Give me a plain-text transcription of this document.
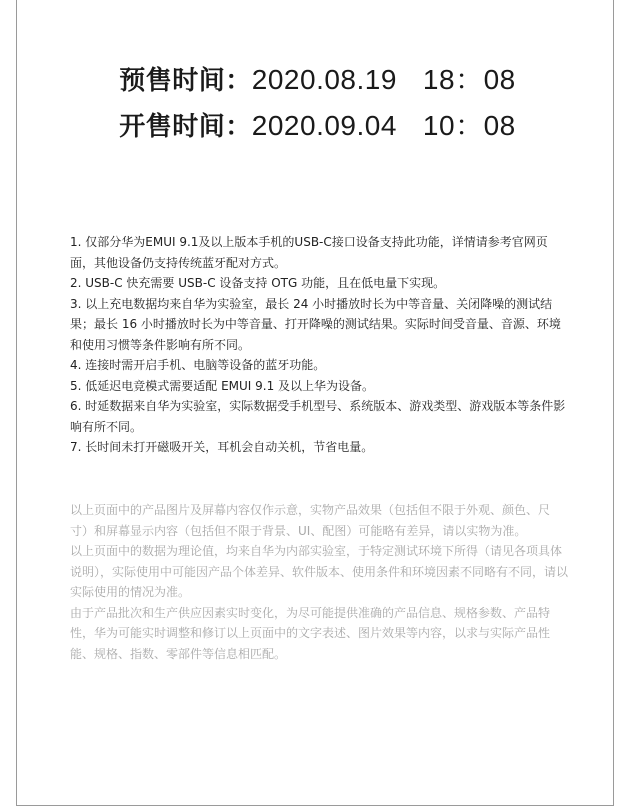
预售时间：2020.08.19 18：08
开售时间：2020.09.04 10：08
1. 仅部分华为EMUI 9.1及以上版本手机的USB-C接口设备支持此功能，详情请参考官网页面，其他设备仍支持传统蓝牙配对方式。
2. USB-C 快充需要 USB-C 设备支持 OTG 功能，且在低电量下实现。
3. 以上充电数据均来自华为实验室，最长 24 小时播放时长为中等音量、关闭降噪的测试结果；最长 16 小时播放时长为中等音量、打开降噪的测试结果。实际时间受音量、音源、环境和使用习惯等条件影响有所不同。
4. 连接时需开启手机、电脑等设备的蓝牙功能。
5. 低延迟电竞模式需要适配 EMUI 9.1 及以上华为设备。
6. 时延数据来自华为实验室，实际数据受手机型号、系统版本、游戏类型、游戏版本等条件影响有所不同。
7. 长时间未打开磁吸开关，耳机会自动关机，节省电量。

以上页面中的产品图片及屏幕内容仅作示意，实物产品效果（包括但不限于外观、颜色、尺寸）和屏幕显示内容（包括但不限于背景、UI、配图）可能略有差异，请以实物为准。

以上页面中的数据为理论值，均来自华为内部实验室，于特定测试环境下所得（请见各项具体说明），实际使用中可能因产品个体差异、软件版本、使用条件和环境因素不同略有不同，请以实际使用的情况为准。

由于产品批次和生产供应因素实时变化，为尽可能提供准确的产品信息、规格参数、产品特性，华为可能实时调整和修订以上页面中的文字表述、图片效果等内容，以求与实际产品性能、规格、指数、零部件等信息相匹配。
